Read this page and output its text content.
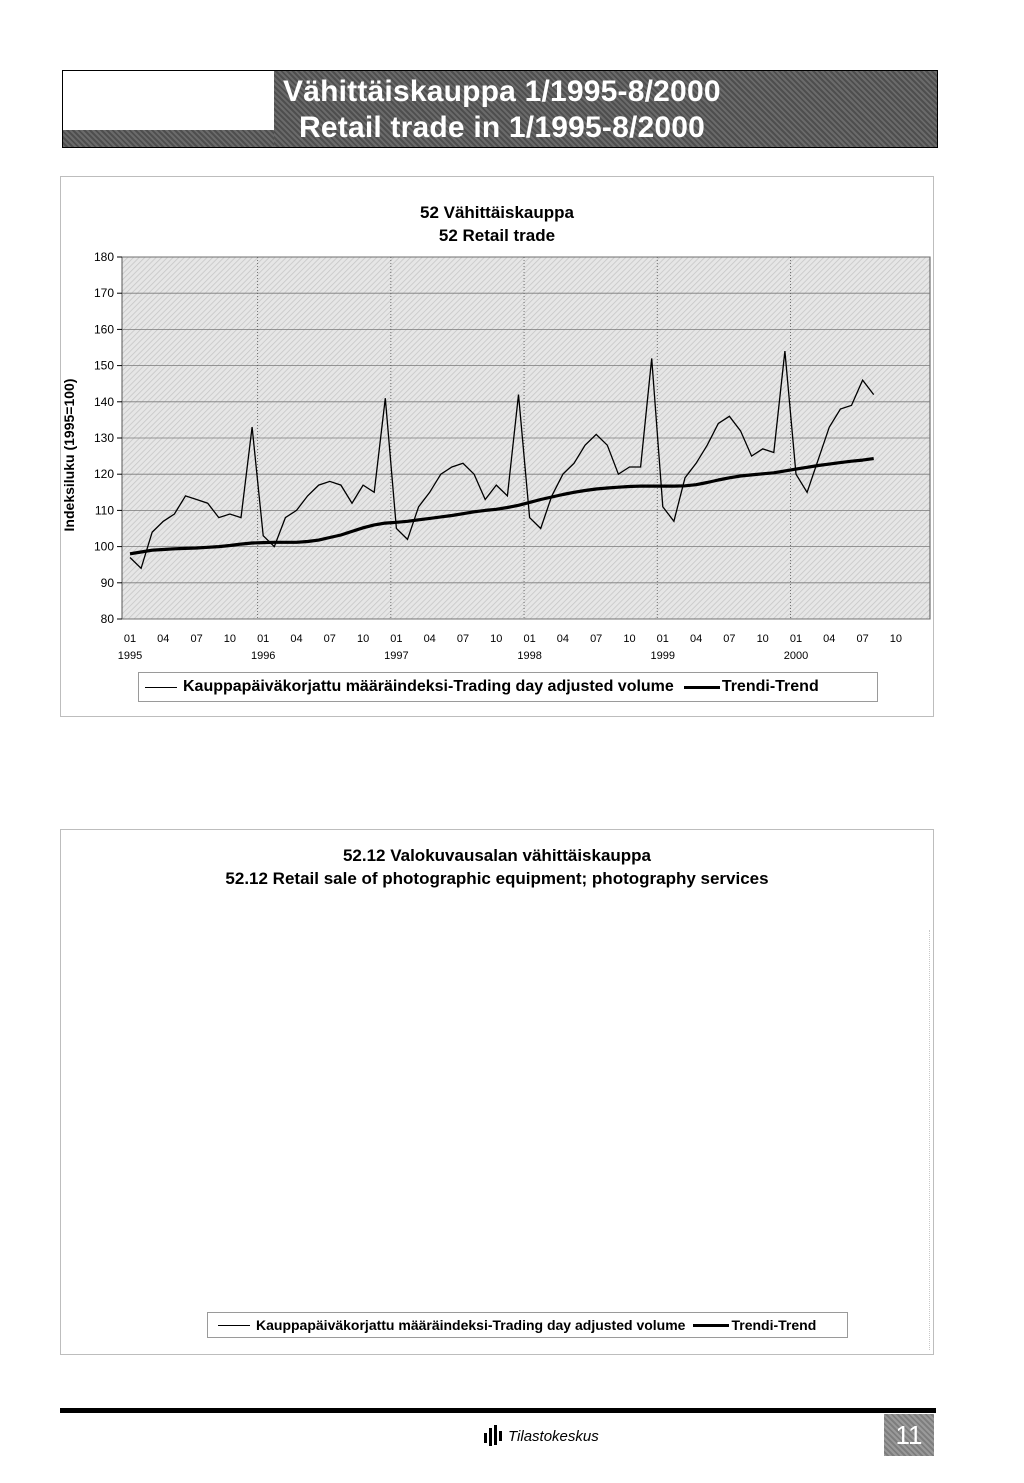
Vähittäiskauppa 1/1995-8/2000
Retail trade in 1/1995-8/2000
52 Vähittäiskauppa
52 Retail trade
80
90
100
110
120
130
140
150
160
170
180
01 04 07 10 01 04 07 10 01 04 07 10 01 04 07 10 01 04 07 10 01 04 07 10
1995	1996	1997	1998	1999	2000
Indeksiluku (1995=100)
Kauppapäiväkorjattu määräindeksi-Trading day adjusted volume	Trendi-Trend
52.12 Valokuvausalan vähittäiskauppa
52.12 Retail sale of photographic equipment; photography services
Kauppapäiväkorjattu määräindeksi-Trading day adjusted volume	Trendi-Trend
Tilastokeskus	11
